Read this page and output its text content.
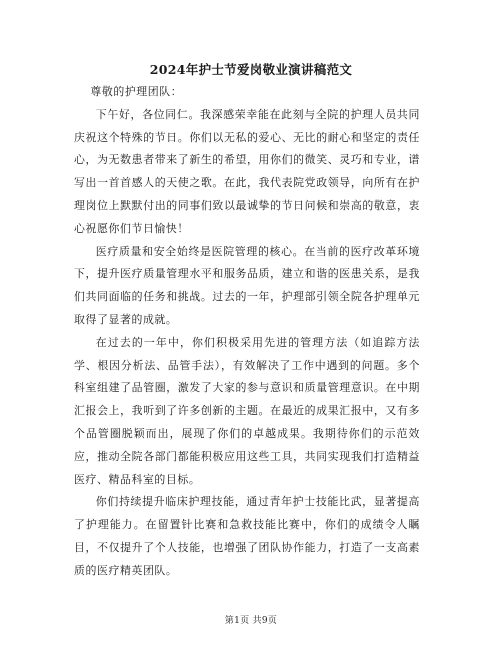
2024年护士节爱岗敬业演讲稿范文

尊敬的护理团队：

下午好，各位同仁。我深感荣幸能在此刻与全院的护理人员共同庆祝这个特殊的节日。你们以无私的爱心、无比的耐心和坚定的责任心，为无数患者带来了新生的希望，用你们的微笑、灵巧和专业，谱写出一首首感人的天使之歌。在此，我代表院党政领导，向所有在护理岗位上默默付出的同事们致以最诚挚的节日问候和崇高的敬意，衷心祝愿你们节日愉快！

医疗质量和安全始终是医院管理的核心。在当前的医疗改革环境下，提升医疗质量管理水平和服务品质，建立和谐的医患关系，是我们共同面临的任务和挑战。过去的一年，护理部引领全院各护理单元取得了显著的成就。

在过去的一年中，你们积极采用先进的管理方法（如追踪方法学、根因分析法、品管手法），有效解决了工作中遇到的问题。多个科室组建了品管圈，激发了大家的参与意识和质量管理意识。在中期汇报会上，我听到了许多创新的主题。在最近的成果汇报中，又有多个品管圈脱颖而出，展现了你们的卓越成果。我期待你们的示范效应，推动全院各部门都能积极应用这些工具，共同实现我们打造精益医疗、精品科室的目标。

你们持续提升临床护理技能，通过青年护士技能比武，显著提高了护理能力。在留置针比赛和急救技能比赛中，你们的成绩令人瞩目，不仅提升了个人技能，也增强了团队协作能力，打造了一支高素质的医疗精英团队。

第1页 共9页
